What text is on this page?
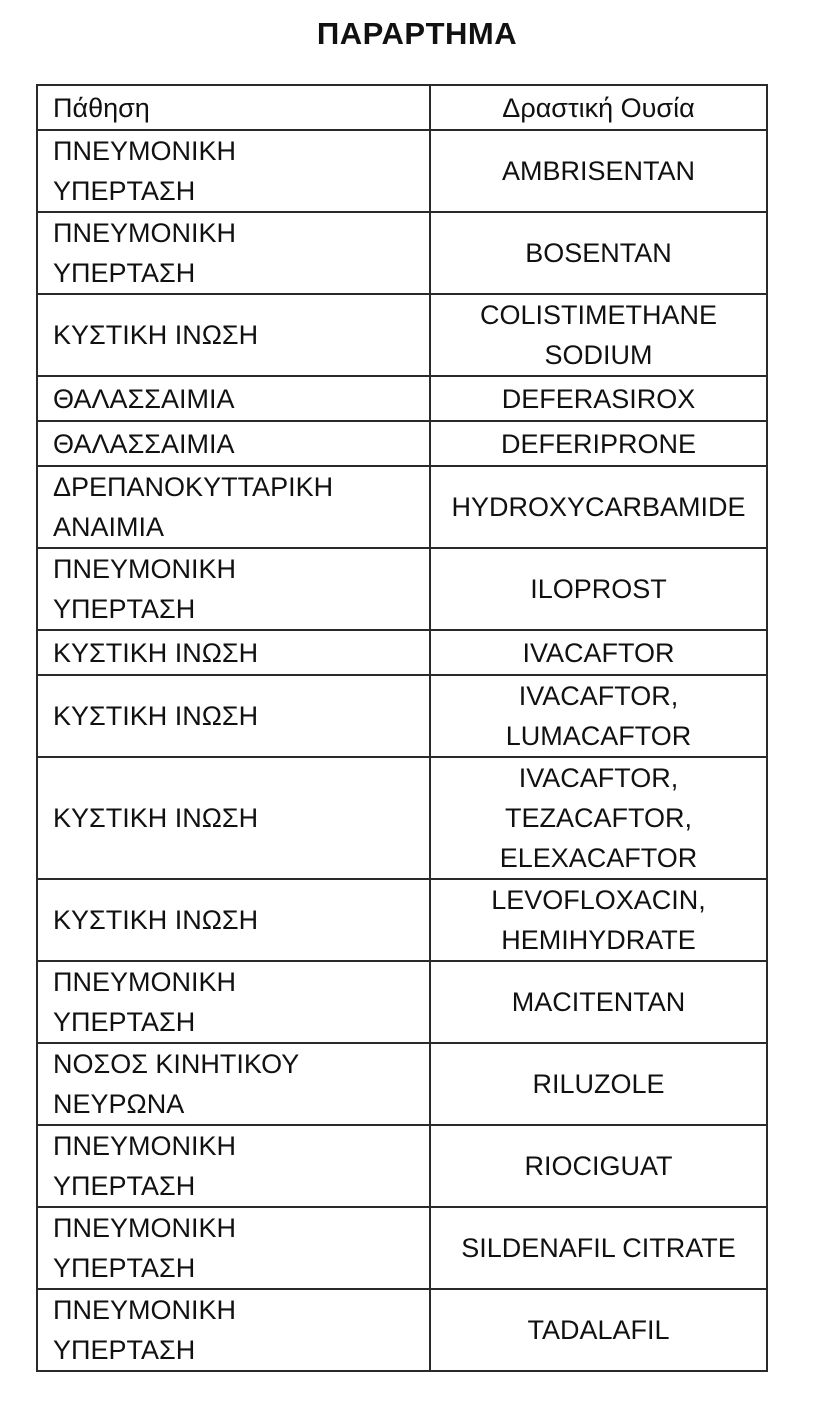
ΠΑΡΑΡΤΗΜΑ
Πάθηση	Δραστική Ουσία
ΠΝΕΥΜΟΝΙΚΗ
ΥΠΕΡΤΑΣΗ	AMBRISENTAN
ΠΝΕΥΜΟΝΙΚΗ
ΥΠΕΡΤΑΣΗ	BOSENTAN
ΚΥΣΤΙΚΗ ΙΝΩΣΗ	COLISTIMETHANE
SODIUM
ΘΑΛΑΣΣΑΙΜΙΑ	DEFERASIROX
ΘΑΛΑΣΣΑΙΜΙΑ	DEFERIPRONE
ΔΡΕΠΑΝΟΚΥΤΤΑΡΙΚΗ
ΑΝΑΙΜΙΑ	HYDROXYCARBAMIDE
ΠΝΕΥΜΟΝΙΚΗ
ΥΠΕΡΤΑΣΗ	ILOPROST
ΚΥΣΤΙΚΗ ΙΝΩΣΗ	IVACAFTOR
ΚΥΣΤΙΚΗ ΙΝΩΣΗ	IVACAFTOR,
LUMACAFTOR
ΚΥΣΤΙΚΗ ΙΝΩΣΗ	IVACAFTOR,
TEZACAFTOR,
ELEXACAFTOR
ΚΥΣΤΙΚΗ ΙΝΩΣΗ	LEVOFLOXACIN,
HEMIHYDRATE
ΠΝΕΥΜΟΝΙΚΗ
ΥΠΕΡΤΑΣΗ	MACITENTAN
ΝΟΣΟΣ ΚΙΝΗΤΙΚΟΥ
ΝΕΥΡΩΝΑ	RILUZOLE
ΠΝΕΥΜΟΝΙΚΗ
ΥΠΕΡΤΑΣΗ	RIOCIGUAT
ΠΝΕΥΜΟΝΙΚΗ
ΥΠΕΡΤΑΣΗ	SILDENAFIL CITRATE
ΠΝΕΥΜΟΝΙΚΗ
ΥΠΕΡΤΑΣΗ	TADALAFIL
